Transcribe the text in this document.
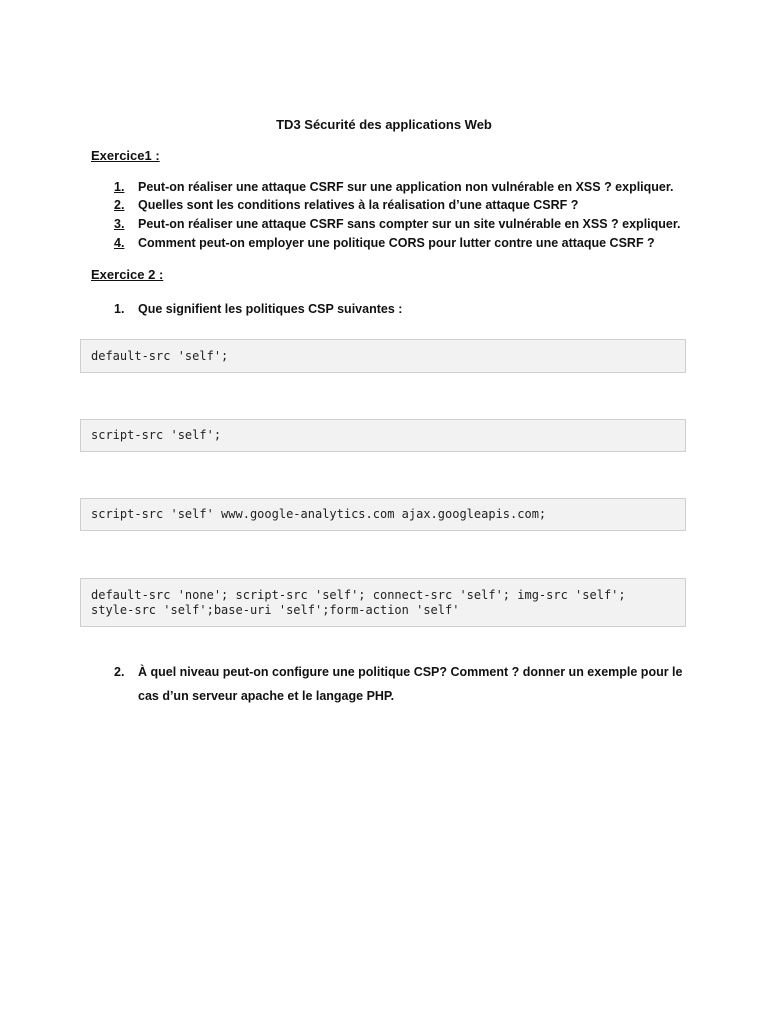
TD3 Sécurité des applications Web
Exercice1 :
1. Peut-on réaliser une attaque CSRF sur une application non vulnérable en XSS ? expliquer.
2. Quelles sont les conditions relatives à la réalisation d’une attaque CSRF ?
3. Peut-on réaliser une attaque CSRF sans compter sur un site vulnérable en XSS ? expliquer.
4. Comment peut-on employer une politique CORS pour lutter contre une attaque CSRF ?
Exercice 2 :
1. Que signifient les politiques CSP suivantes :
default-src 'self';
script-src 'self';
script-src 'self' www.google-analytics.com ajax.googleapis.com;
default-src 'none'; script-src 'self'; connect-src 'self'; img-src 'self';
style-src 'self';base-uri 'self';form-action 'self'
2.	À quel niveau peut-on configure une politique CSP? Comment ? donner un exemple pour le cas d’un serveur apache et le langage PHP.
